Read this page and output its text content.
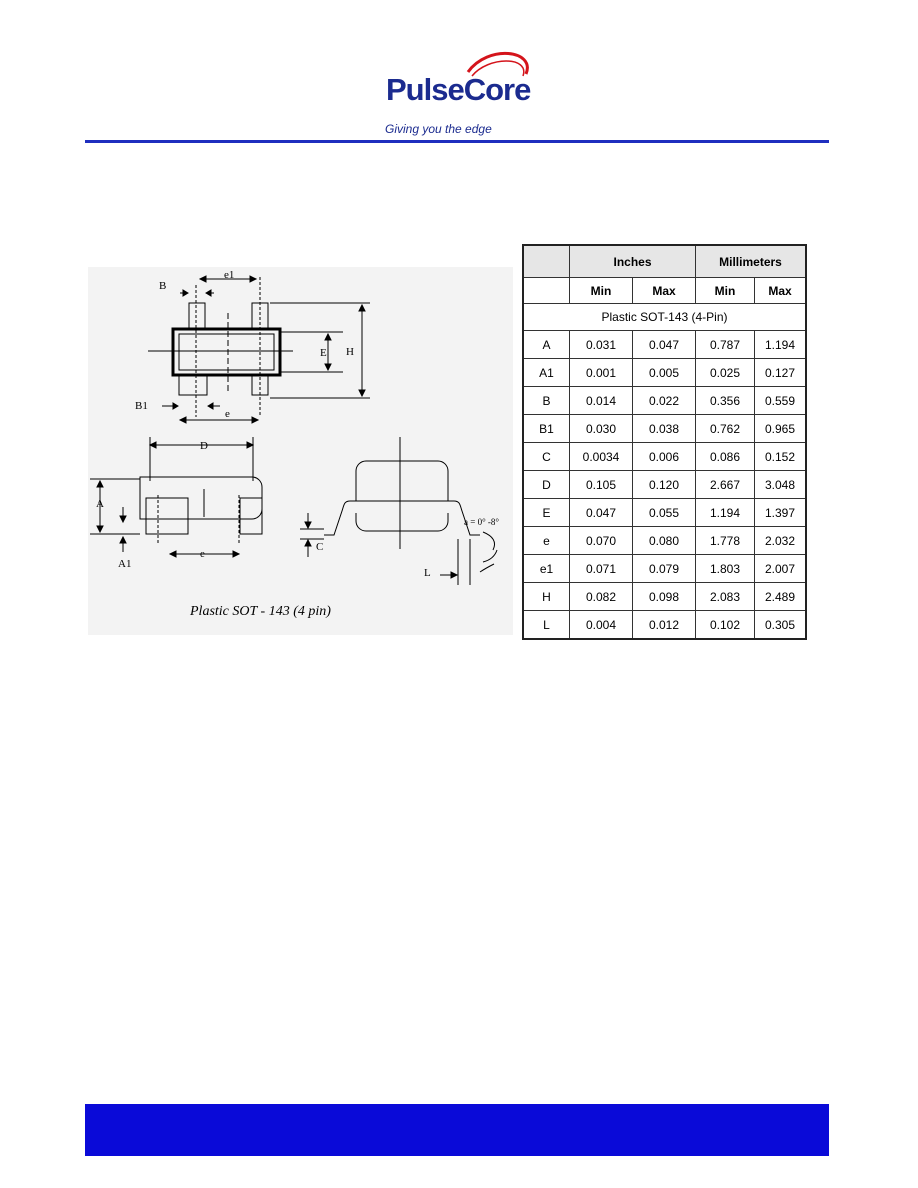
PulseCore
Giving you the edge
e1
B
E H
B1
e
D
A
A1
e
C
L
a = 0° -8°
Plastic SOT - 143 (4 pin)
	Inches		Millimeters	
	Min	Max	Min	Max
Plastic SOT-143 (4-Pin)				
A	0.031	0.047	0.787	1.194
A1	0.001	0.005	0.025	0.127
B	0.014	0.022	0.356	0.559
B1	0.030	0.038	0.762	0.965
C	0.0034	0.006	0.086	0.152
D	0.105	0.120	2.667	3.048
E	0.047	0.055	1.194	1.397
e	0.070	0.080	1.778	2.032
e1	0.071	0.079	1.803	2.007
H	0.082	0.098	2.083	2.489
L	0.004	0.012	0.102	0.305
